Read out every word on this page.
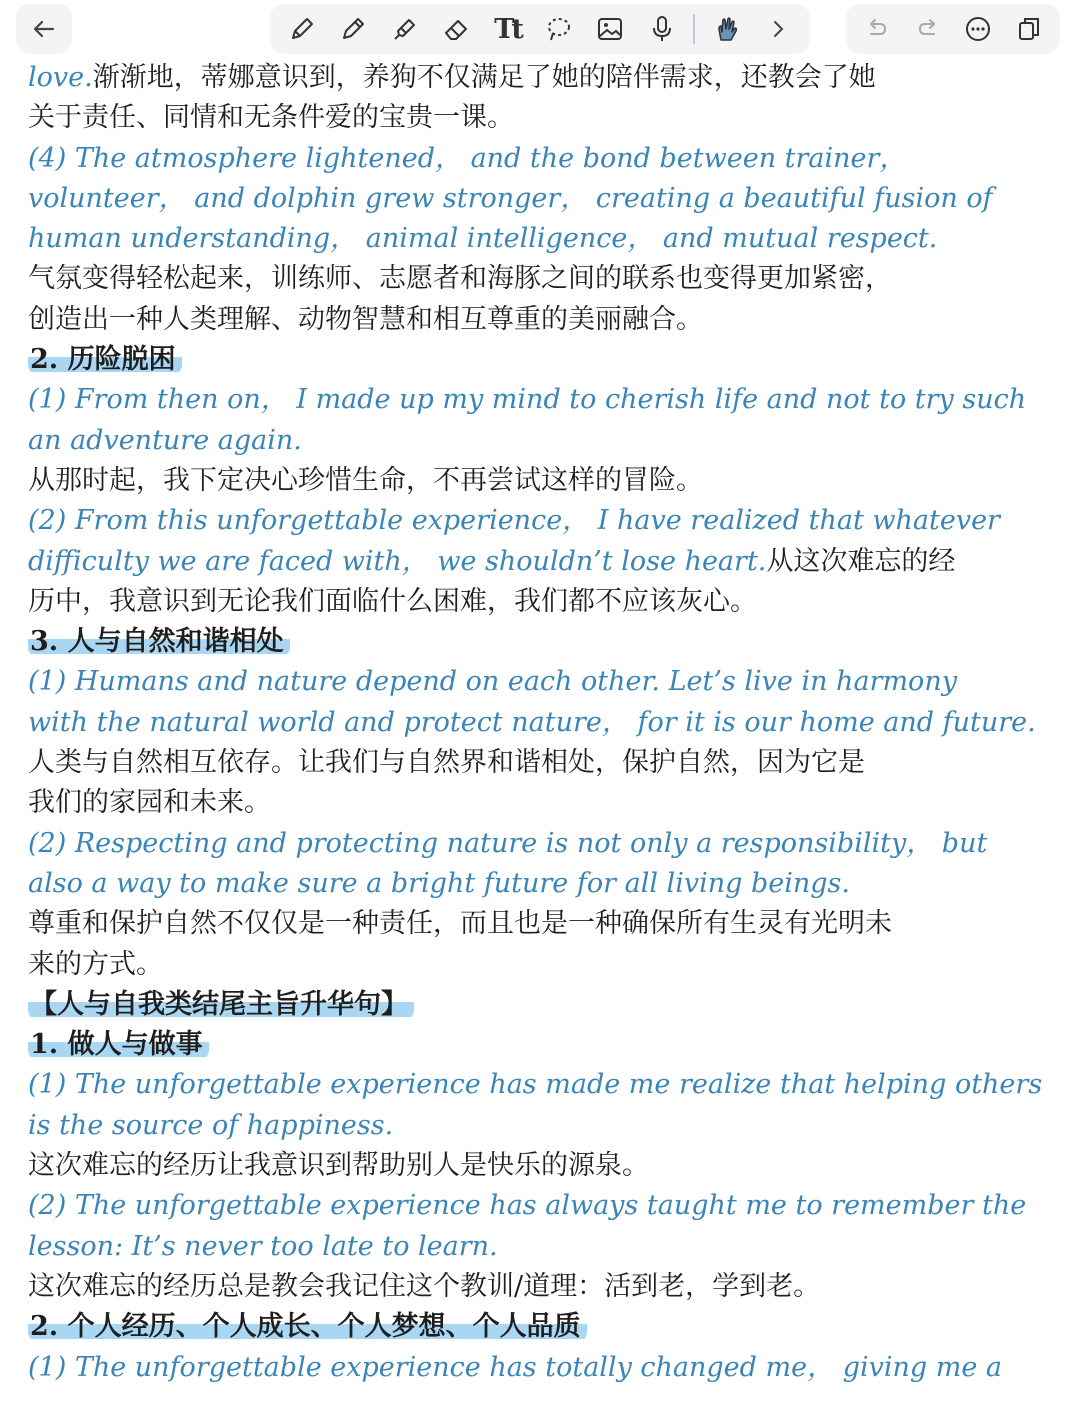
Tt
love.渐渐地，蒂娜意识到，养狗不仅满足了她的陪伴需求，还教会了她
关于责任、同情和无条件爱的宝贵一课。
(4) The atmosphere lightened， and the bond between trainer，
volunteer， and dolphin grew stronger， creating a beautiful fusion of
human understanding， animal intelligence， and mutual respect.
气氛变得轻松起来，训练师、志愿者和海豚之间的联系也变得更加紧密，
创造出一种人类理解、动物智慧和相互尊重的美丽融合。
2. 历险脱困
(1) From then on， I made up my mind to cherish life and not to try such
an adventure again.
从那时起，我下定决心珍惜生命，不再尝试这样的冒险。
(2) From this unforgettable experience， I have realized that whatever
difficulty we are faced with， we shouldn’t lose heart.从这次难忘的经
历中，我意识到无论我们面临什么困难，我们都不应该灰心。
3. 人与自然和谐相处
(1) Humans and nature depend on each other. Let’s live in harmony
with the natural world and protect nature， for it is our home and future.
人类与自然相互依存。让我们与自然界和谐相处，保护自然，因为它是
我们的家园和未来。
(2) Respecting and protecting nature is not only a responsibility， but
also a way to make sure a bright future for all living beings.
尊重和保护自然不仅仅是一种责任，而且也是一种确保所有生灵有光明未
来的方式。
【人与自我类结尾主旨升华句】
1. 做人与做事
(1) The unforgettable experience has made me realize that helping others
is the source of happiness.
这次难忘的经历让我意识到帮助别人是快乐的源泉。
(2) The unforgettable experience has always taught me to remember the
lesson: It’s never too late to learn.
这次难忘的经历总是教会我记住这个教训/道理：活到老，学到老。
2. 个人经历、个人成长、个人梦想、个人品质
(1) The unforgettable experience has totally changed me， giving me a
